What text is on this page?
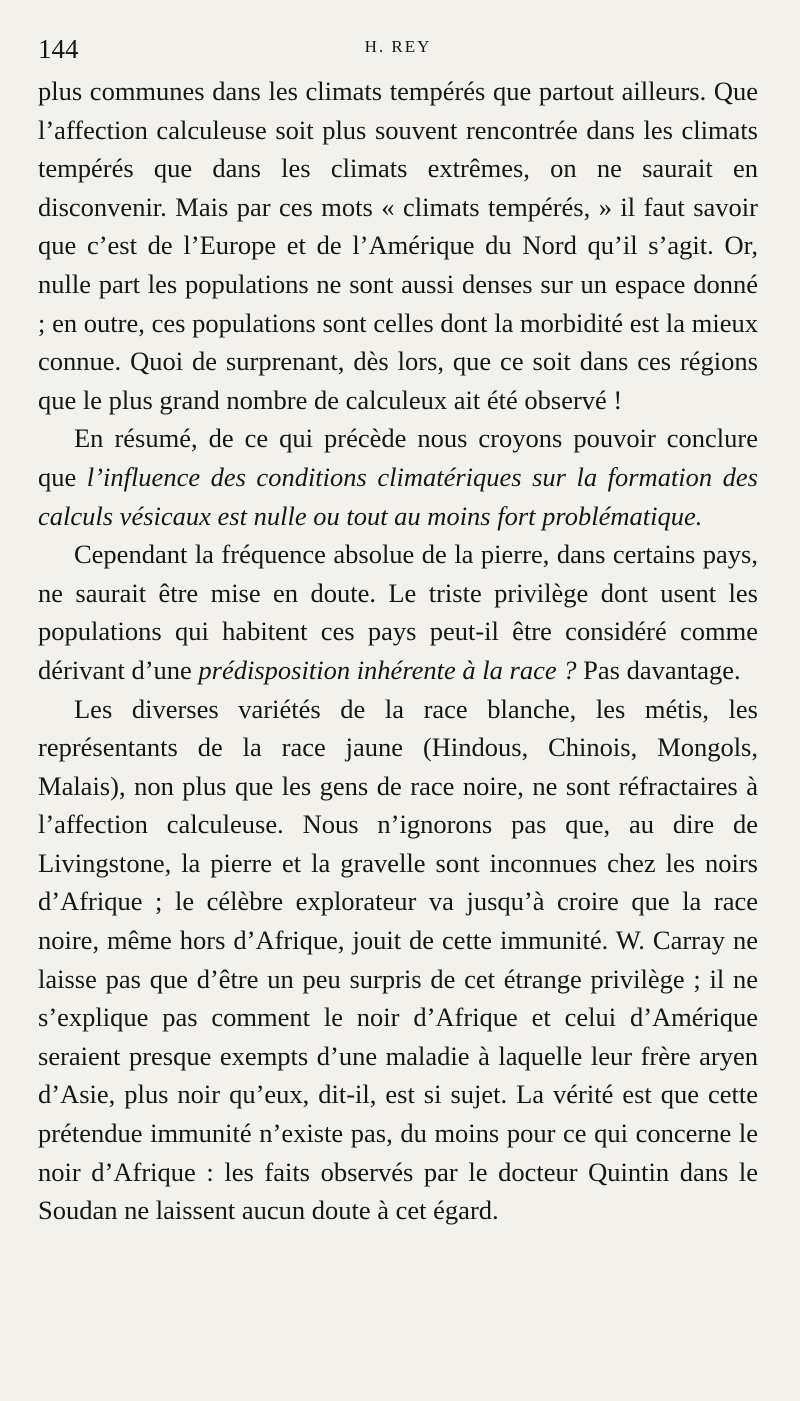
144	H. REY

plus communes dans les climats tempérés que partout ailleurs. Que l’affection calculeuse soit plus souvent rencontrée dans les climats tempérés que dans les climats extrêmes, on ne saurait en disconvenir. Mais par ces mots « climats tempérés, » il faut savoir que c’est de l’Europe et de l’Amérique du Nord qu’il s’agit. Or, nulle part les populations ne sont aussi denses sur un espace donné ; en outre, ces populations sont celles dont la morbidité est la mieux connue. Quoi de surprenant, dès lors, que ce soit dans ces régions que le plus grand nombre de calculeux ait été observé !

En résumé, de ce qui précède nous croyons pouvoir conclure que l’influence des conditions climatériques sur la formation des calculs vésicaux est nulle ou tout au moins fort problématique.

Cependant la fréquence absolue de la pierre, dans certains pays, ne saurait être mise en doute. Le triste privilège dont usent les populations qui habitent ces pays peut-il être considéré comme dérivant d’une prédisposition inhérente à la race ? Pas davantage.

Les diverses variétés de la race blanche, les métis, les représentants de la race jaune (Hindous, Chinois, Mongols, Malais), non plus que les gens de race noire, ne sont réfractaires à l’affection calculeuse. Nous n’ignorons pas que, au dire de Livingstone, la pierre et la gravelle sont inconnues chez les noirs d’Afrique ; le célèbre explorateur va jusqu’à croire que la race noire, même hors d’Afrique, jouit de cette immunité. W. Carray ne laisse pas que d’être un peu surpris de cet étrange privilège ; il ne s’explique pas comment le noir d’Afrique et celui d’Amérique seraient presque exempts d’une maladie à laquelle leur frère aryen d’Asie, plus noir qu’eux, dit-il, est si sujet. La vérité est que cette prétendue immunité n’existe pas, du moins pour ce qui concerne le noir d’Afrique : les faits observés par le docteur Quintin dans le Soudan ne laissent aucun doute à cet égard.
